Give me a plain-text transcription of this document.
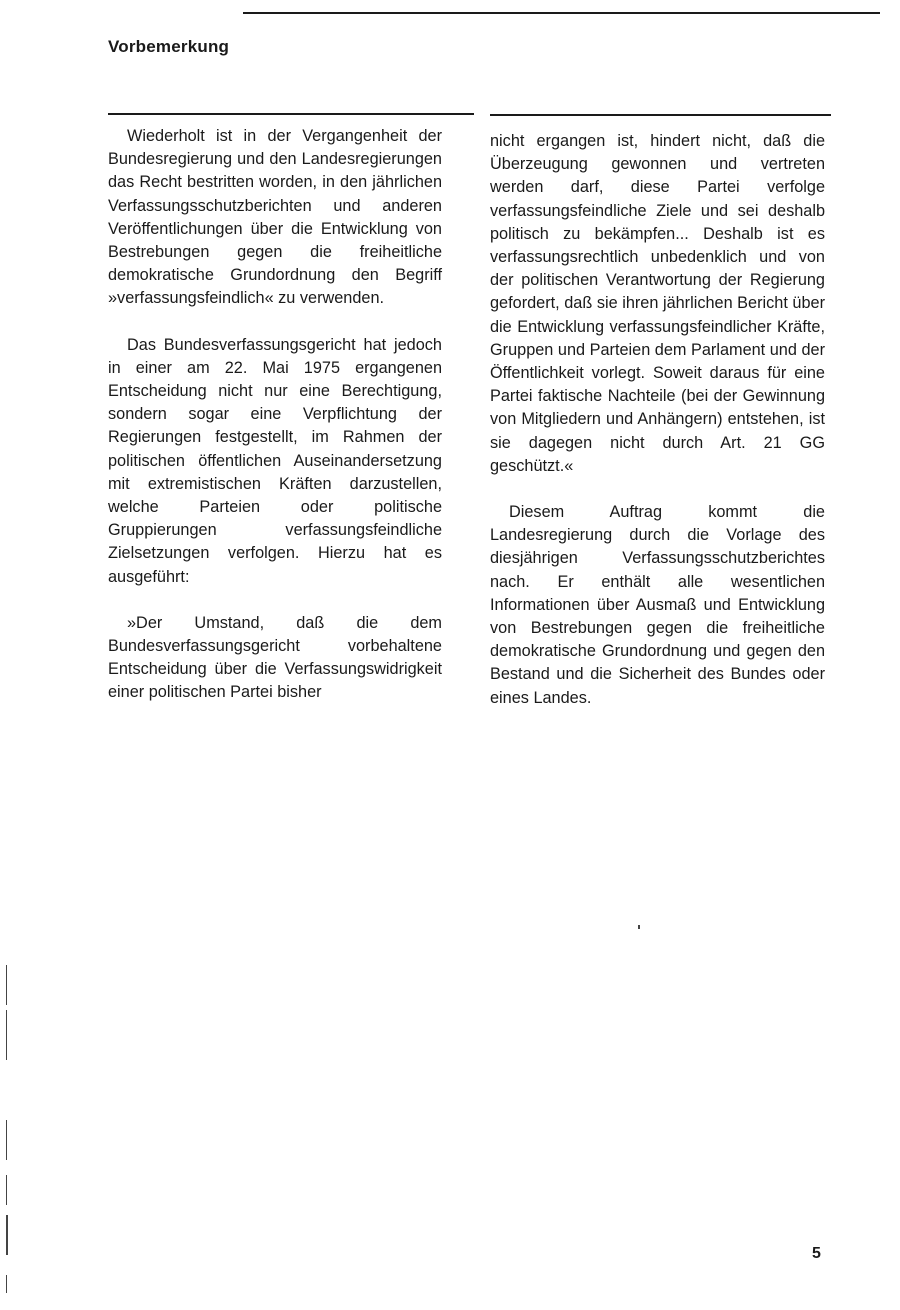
Vorbemerkung

Wiederholt ist in der Vergangenheit der Bundesregierung und den Landesregierungen das Recht bestritten worden, in den jährlichen Verfassungsschutzberichten und anderen Veröffentlichungen über die Entwicklung von Bestrebungen gegen die freiheitliche demokratische Grundordnung den Begriff »verfassungsfeindlich« zu verwenden.

Das Bundesverfassungsgericht hat jedoch in einer am 22. Mai 1975 ergangenen Entscheidung nicht nur eine Berechtigung, sondern sogar eine Verpflichtung der Regierungen festgestellt, im Rahmen der politischen öffentlichen Auseinandersetzung mit extremistischen Kräften darzustellen, welche Parteien oder politische Gruppierungen verfassungsfeindliche Zielsetzungen verfolgen. Hierzu hat es ausgeführt:

»Der Umstand, daß die dem Bundesverfassungsgericht vorbehaltene Entscheidung über die Verfassungswidrigkeit einer politischen Partei bisher

nicht ergangen ist, hindert nicht, daß die Überzeugung gewonnen und vertreten werden darf, diese Partei verfolge verfassungsfeindliche Ziele und sei deshalb politisch zu bekämpfen... Deshalb ist es verfassungsrechtlich unbedenklich und von der politischen Verantwortung der Regierung gefordert, daß sie ihren jährlichen Bericht über die Entwicklung verfassungsfeindlicher Kräfte, Gruppen und Parteien dem Parlament und der Öffentlichkeit vorlegt. Soweit daraus für eine Partei faktische Nachteile (bei der Gewinnung von Mitgliedern und Anhängern) entstehen, ist sie dagegen nicht durch Art. 21 GG geschützt.«

Diesem Auftrag kommt die Landesregierung durch die Vorlage des diesjährigen Verfassungsschutzberichtes nach. Er enthält alle wesentlichen Informationen über Ausmaß und Entwicklung von Bestrebungen gegen die freiheitliche demokratische Grundordnung und gegen den Bestand und die Sicherheit des Bundes oder eines Landes.

5
